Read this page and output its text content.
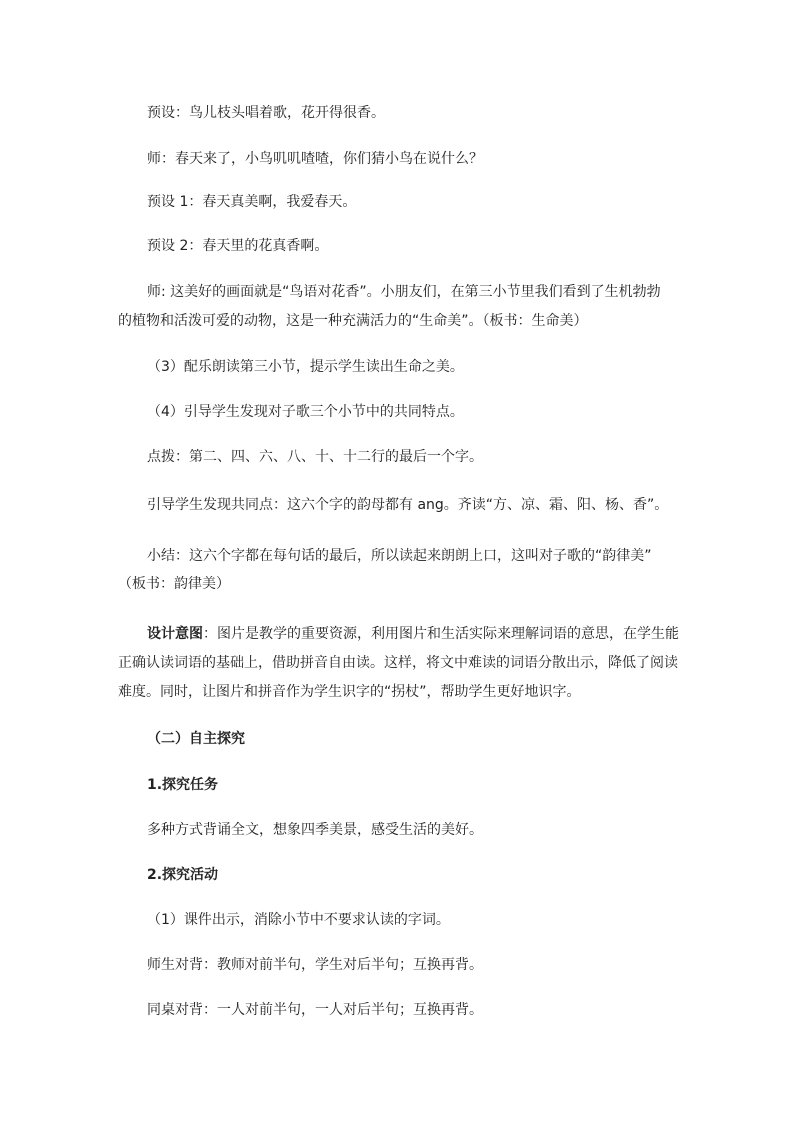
预设：鸟儿枝头唱着歌，花开得很香。
师：春天来了，小鸟叽叽喳喳，你们猜小鸟在说什么？
预设 1：春天真美啊，我爱春天。
预设 2：春天里的花真香啊。
师: 这美好的画面就是“鸟语对花香”。小朋友们，在第三小节里我们看到了生机勃勃
的植物和活泼可爱的动物，这是一种充满活力的“生命美”。（板书：生命美）
（3）配乐朗读第三小节，提示学生读出生命之美。
（4）引导学生发现对子歌三个小节中的共同特点。
点拨：第二、四、六、八、十、十二行的最后一个字。
引导学生发现共同点：这六个字的韵母都有 ang。齐读“方、凉、霜、阳、杨、香”。
小结：这六个字都在每句话的最后，所以读起来朗朗上口，这叫对子歌的“韵律美”
（板书：韵律美）
设计意图：图片是教学的重要资源，利用图片和生活实际来理解词语的意思，在学生能
正确认读词语的基础上，借助拼音自由读。这样，将文中难读的词语分散出示，降低了阅读
难度。同时，让图片和拼音作为学生识字的“拐杖”，帮助学生更好地识字。
（二）自主探究
1.探究任务
多种方式背诵全文，想象四季美景，感受生活的美好。
2.探究活动
（1）课件出示，消除小节中不要求认读的字词。
师生对背：教师对前半句，学生对后半句；互换再背。
同桌对背：一人对前半句，一人对后半句；互换再背。
